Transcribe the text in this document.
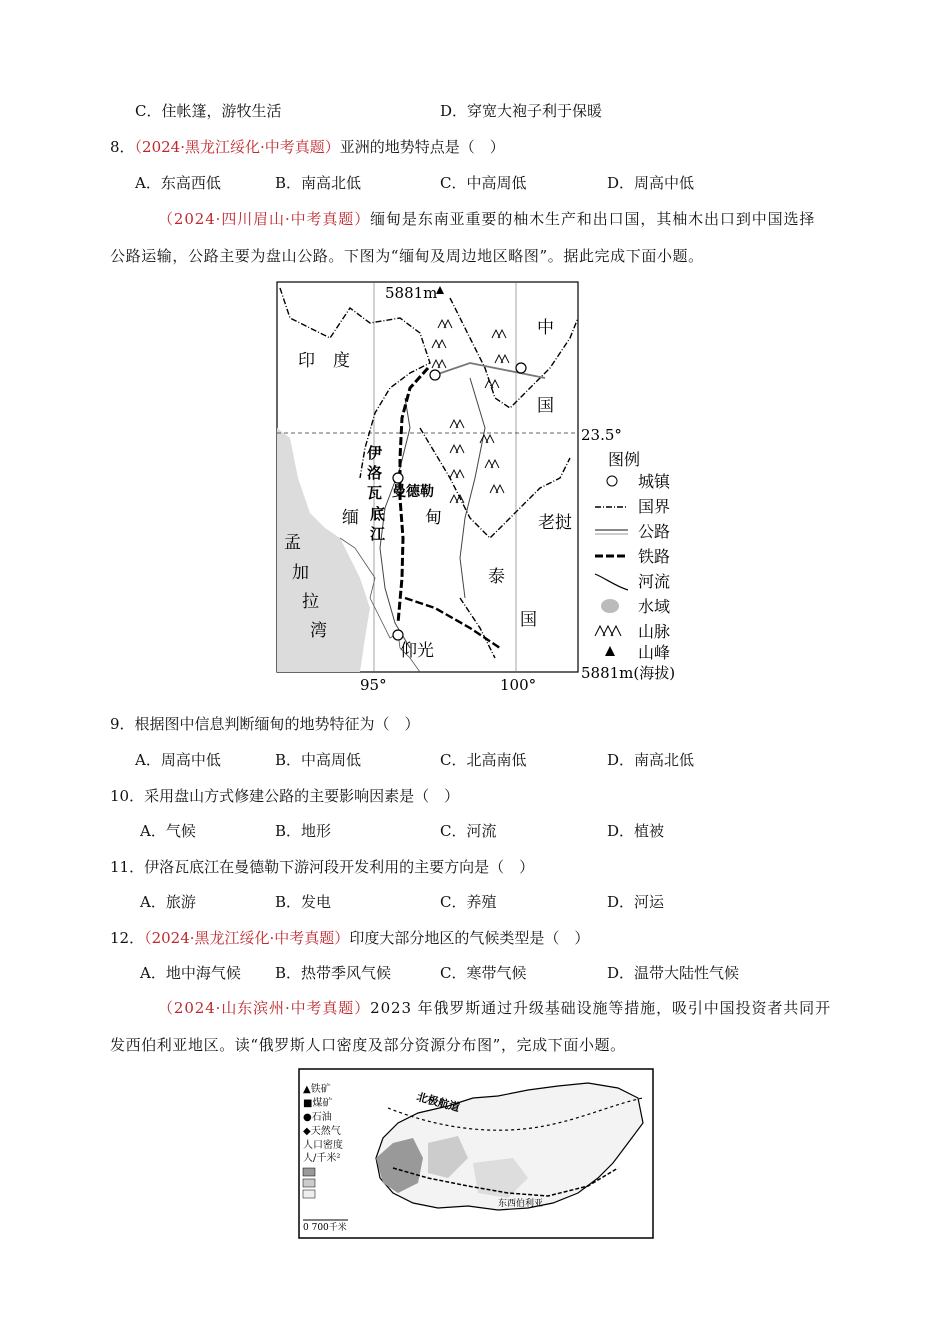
C．住帐篷，游牧生活	D．穿宽大袍子利于保暖
8．（2024·黑龙江绥化·中考真题）亚洲的地势特点是（　）
A．东高西低	B．南高北低	C．中高周低	D．周高中低
（2024·四川眉山·中考真题）缅甸是东南亚重要的柚木生产和出口国，其柚木出口到中国选择
公路运输，公路主要为盘山公路。下图为“缅甸及周边地区略图”。据此完成下面小题。
5881m
印 度
中
国
缅	甸
泰
国
老挝
孟
加
拉
湾
伊
洛
瓦
底
江
曼德勒
仰光
23.5°
95°	100°
图例
城镇
国界
公路
铁路
河流
水域
山脉
山峰
5881m(海拔)
9．根据图中信息判断缅甸的地势特征为（　）
A．周高中低	B．中高周低	C．北高南低	D．南高北低
10．采用盘山方式修建公路的主要影响因素是（　）
A．气候	B．地形	C．河流	D．植被
11．伊洛瓦底江在曼德勒下游河段开发利用的主要方向是（　）
A．旅游	B．发电	C．养殖	D．河运
12．（2024·黑龙江绥化·中考真题）印度大部分地区的气候类型是（　）
A．地中海气候 B．热带季风气候	C．寒带气候	D．温带大陆性气候
（2024·山东滨州·中考真题）2023 年俄罗斯通过升级基础设施等措施，吸引中国投资者共同开
发西伯利亚地区。读“俄罗斯人口密度及部分资源分布图”，完成下面小题。
北极航道
▲铁矿
■煤矿
●石油
◆天然气
人口密度
人/千米²
0 700千米
东西伯利亚
